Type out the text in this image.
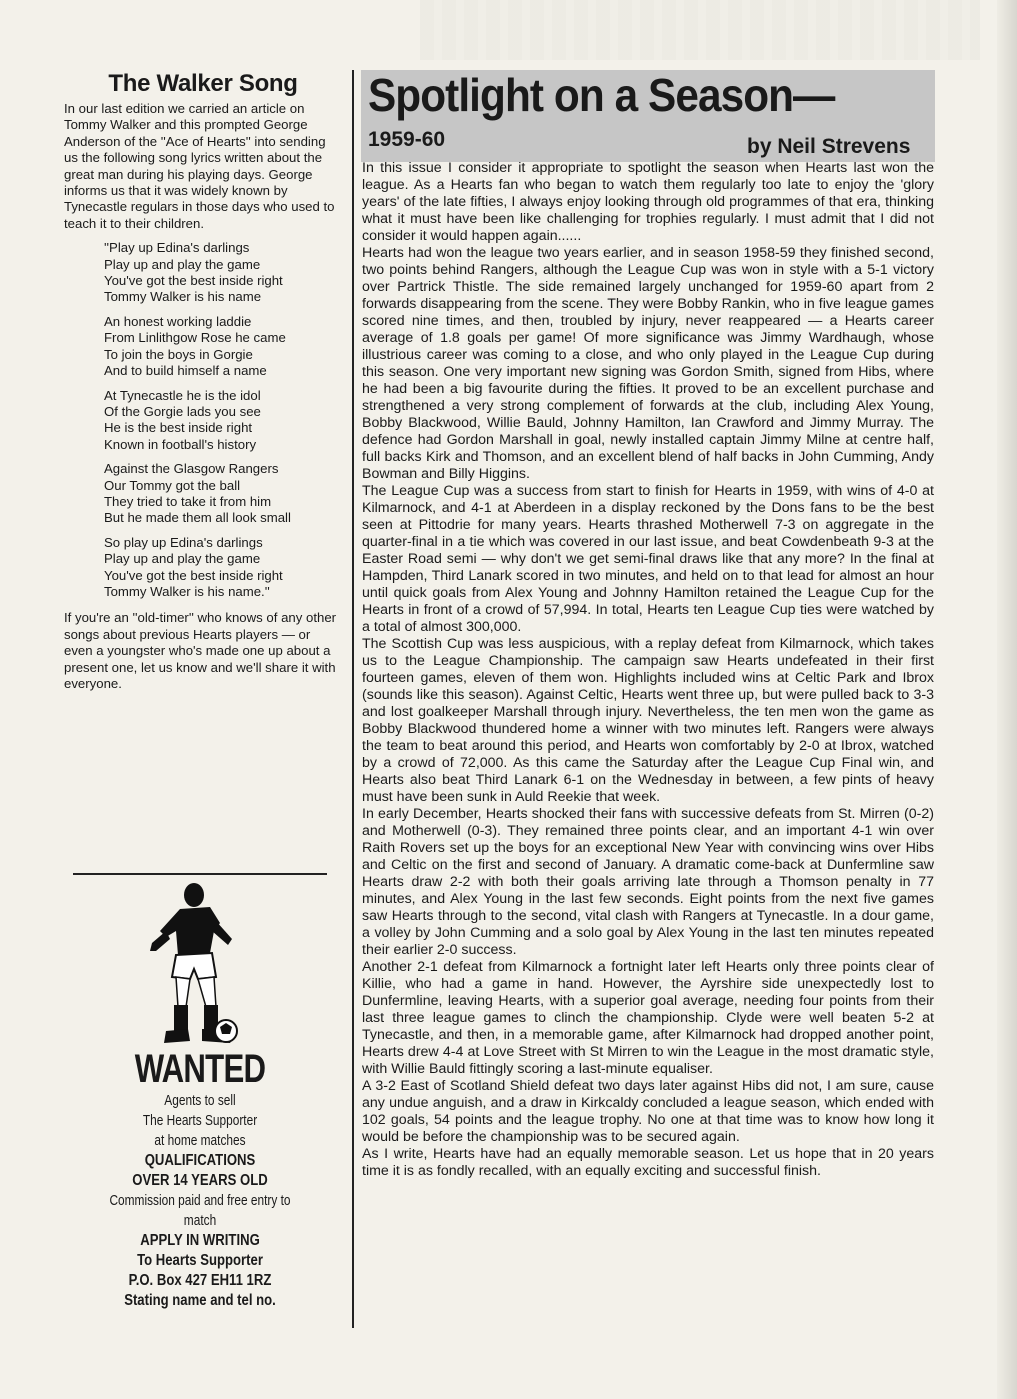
The Walker Song

In our last edition we carried an article on Tommy Walker and this prompted George Anderson of the ''Ace of Hearts'' into sending us the following song lyrics written about the great man during his playing days. George informs us that it was widely known by Tynecastle regulars in those days who used to teach it to their children.

''Play up Edina's darlings
Play up and play the game
You've got the best inside right
Tommy Walker is his name
An honest working laddie
From Linlithgow Rose he came
To join the boys in Gorgie
And to build himself a name
At Tynecastle he is the idol
Of the Gorgie lads you see
He is the best inside right
Known in football's history
Against the Glasgow Rangers
Our Tommy got the ball
They tried to take it from him
But he made them all look small
So play up Edina's darlings
Play up and play the game
You've got the best inside right
Tommy Walker is his name.''

If you're an ''old-timer'' who knows of any other songs about previous Hearts players — or even a youngster who's made one up about a present one, let us know and we'll share it with everyone.

WANTED

Agents to sell

The Hearts Supporter

at home matches

QUALIFICATIONS

OVER 14 YEARS OLD

Commission paid and free entry to

match

APPLY IN WRITING

To Hearts Supporter

P.O. Box 427 EH11 1RZ

Stating name and tel no.

Spotlight on a Season—
1959-60	by Neil Strevens

In this issue I consider it appropriate to spotlight the season when Hearts last won the league. As a Hearts fan who began to watch them regularly too late to enjoy the 'glory years' of the late fifties, I always enjoy looking through old programmes of that era, thinking what it must have been like challenging for trophies regularly. I must admit that I did not consider it would happen again......

Hearts had won the league two years earlier, and in season 1958-59 they finished second, two points behind Rangers, although the League Cup was won in style with a 5-1 victory over Partrick Thistle. The side remained largely unchanged for 1959-60 apart from 2 forwards disappearing from the scene. They were Bobby Rankin, who in five league games scored nine times, and then, troubled by injury, never reappeared — a Hearts career average of 1.8 goals per game! Of more significance was Jimmy Wardhaugh, whose illustrious career was coming to a close, and who only played in the League Cup during this season. One very important new signing was Gordon Smith, signed from Hibs, where he had been a big favourite during the fifties. It proved to be an excellent purchase and strengthened a very strong complement of forwards at the club, including Alex Young, Bobby Blackwood, Willie Bauld, Johnny Hamilton, Ian Crawford and Jimmy Murray. The defence had Gordon Marshall in goal, newly installed captain Jimmy Milne at centre half, full backs Kirk and Thomson, and an excellent blend of half backs in John Cumming, Andy Bowman and Billy Higgins.

The League Cup was a success from start to finish for Hearts in 1959, with wins of 4-0 at Kilmarnock, and 4-1 at Aberdeen in a display reckoned by the Dons fans to be the best seen at Pittodrie for many years. Hearts thrashed Motherwell 7-3 on aggregate in the quarter-final in a tie which was covered in our last issue, and beat Cowdenbeath 9-3 at the Easter Road semi — why don't we get semi-final draws like that any more? In the final at Hampden, Third Lanark scored in two minutes, and held on to that lead for almost an hour until quick goals from Alex Young and Johnny Hamilton retained the League Cup for the Hearts in front of a crowd of 57,994. In total, Hearts ten League Cup ties were watched by a total of almost 300,000.

The Scottish Cup was less auspicious, with a replay defeat from Kilmarnock, which takes us to the League Championship. The campaign saw Hearts undefeated in their first fourteen games, eleven of them won. Highlights included wins at Celtic Park and Ibrox (sounds like this season). Against Celtic, Hearts went three up, but were pulled back to 3-3 and lost goalkeeper Marshall through injury. Nevertheless, the ten men won the game as Bobby Blackwood thundered home a winner with two minutes left. Rangers were always the team to beat around this period, and Hearts won comfortably by 2-0 at Ibrox, watched by a crowd of 72,000. As this came the Saturday after the League Cup Final win, and Hearts also beat Third Lanark 6-1 on the Wednesday in between, a few pints of heavy must have been sunk in Auld Reekie that week.

In early December, Hearts shocked their fans with successive defeats from St. Mirren (0-2) and Motherwell (0-3). They remained three points clear, and an important 4-1 win over Raith Rovers set up the boys for an exceptional New Year with convincing wins over Hibs and Celtic on the first and second of January. A dramatic come-back at Dunfermline saw Hearts draw 2-2 with both their goals arriving late through a Thomson penalty in 77 minutes, and Alex Young in the last few seconds. Eight points from the next five games saw Hearts through to the second, vital clash with Rangers at Tynecastle. In a dour game, a volley by John Cumming and a solo goal by Alex Young in the last ten minutes repeated their earlier 2-0 success.

Another 2-1 defeat from Kilmarnock a fortnight later left Hearts only three points clear of Killie, who had a game in hand. However, the Ayrshire side unexpectedly lost to Dunfermline, leaving Hearts, with a superior goal average, needing four points from their last three league games to clinch the championship. Clyde were well beaten 5-2 at Tynecastle, and then, in a memorable game, after Kilmarnock had dropped another point, Hearts drew 4-4 at Love Street with St Mirren to win the League in the most dramatic style, with Willie Bauld fittingly scoring a last-minute equaliser.

A 3-2 East of Scotland Shield defeat two days later against Hibs did not, I am sure, cause any undue anguish, and a draw in Kirkcaldy concluded a league season, which ended with 102 goals, 54 points and the league trophy. No one at that time was to know how long it would be before the championship was to be secured again.

As I write, Hearts have had an equally memorable season. Let us hope that in 20 years time it is as fondly recalled, with an equally exciting and successful finish.
